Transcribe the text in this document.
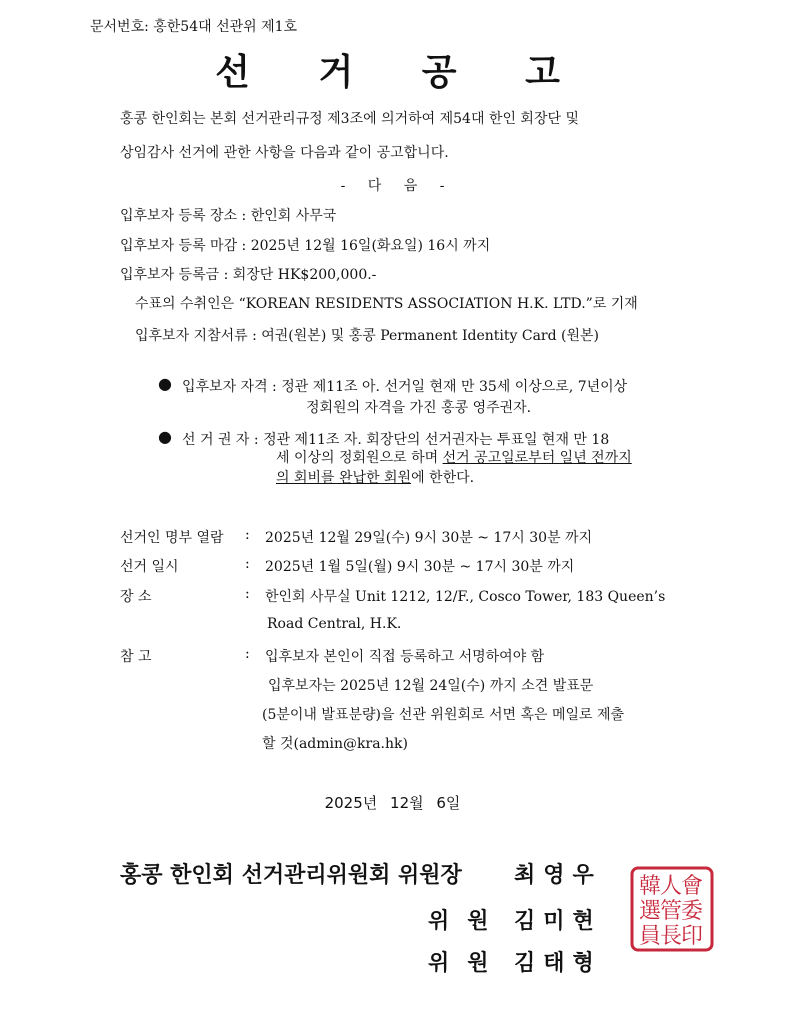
문서번호: 홍한54대 선관위 제1호
선 거 공 고
홍콩 한인회는 본회 선거관리규정 제3조에 의거하여 제54대 한인 회장단 및
상임감사 선거에 관한 사항을 다음과 같이 공고합니다.
- 다 음 -
입후보자 등록 장소 : 한인회 사무국
입후보자 등록 마감 : 2025년 12월 16일(화요일) 16시 까지
입후보자 등록금 : 회장단 HK$200,000.-
수표의 수취인은 “KOREAN RESIDENTS ASSOCIATION H.K. LTD.”로 기재
입후보자 지참서류 : 여권(원본) 및 홍콩 Permanent Identity Card (원본)
● 입후보자 자격 : 정관 제11조 아. 선거일 현재 만 35세 이상으로, 7년이상
정회원의 자격을 가진 홍콩 영주권자.
● 선 거 권 자 : 정관 제11조 자. 회장단의 선거권자는 투표일 현재 만 18
세 이상의 정회원으로 하며 선거 공고일로부터 일년 전까지
의 회비를 완납한 회원에 한한다.
선거인 명부 열람 : 2025년 12월 29일(수) 9시 30분 ~ 17시 30분 까지
선거 일시	: 2025년 1월 5일(월) 9시 30분 ~ 17시 30분 까지
장 소	: 한인회 사무실 Unit 1212, 12/F., Cosco Tower, 183 Queen’s
Road Central, H.K.
참 고	: 입후보자 본인이 직접 등록하고 서명하여야 함
입후보자는 2025년 12월 24일(수) 까지 소견 발표문
(5분이내 발표분량)을 선관 위원회로 서면 혹은 메일로 제출
할 것(admin@kra.hk)
2025년 12월 6일
홍콩 한인회 선거관리위원회 위원장 최영우
위원 김미현
위원 김태형
會
委
印
人
管
長
韓
選
員
